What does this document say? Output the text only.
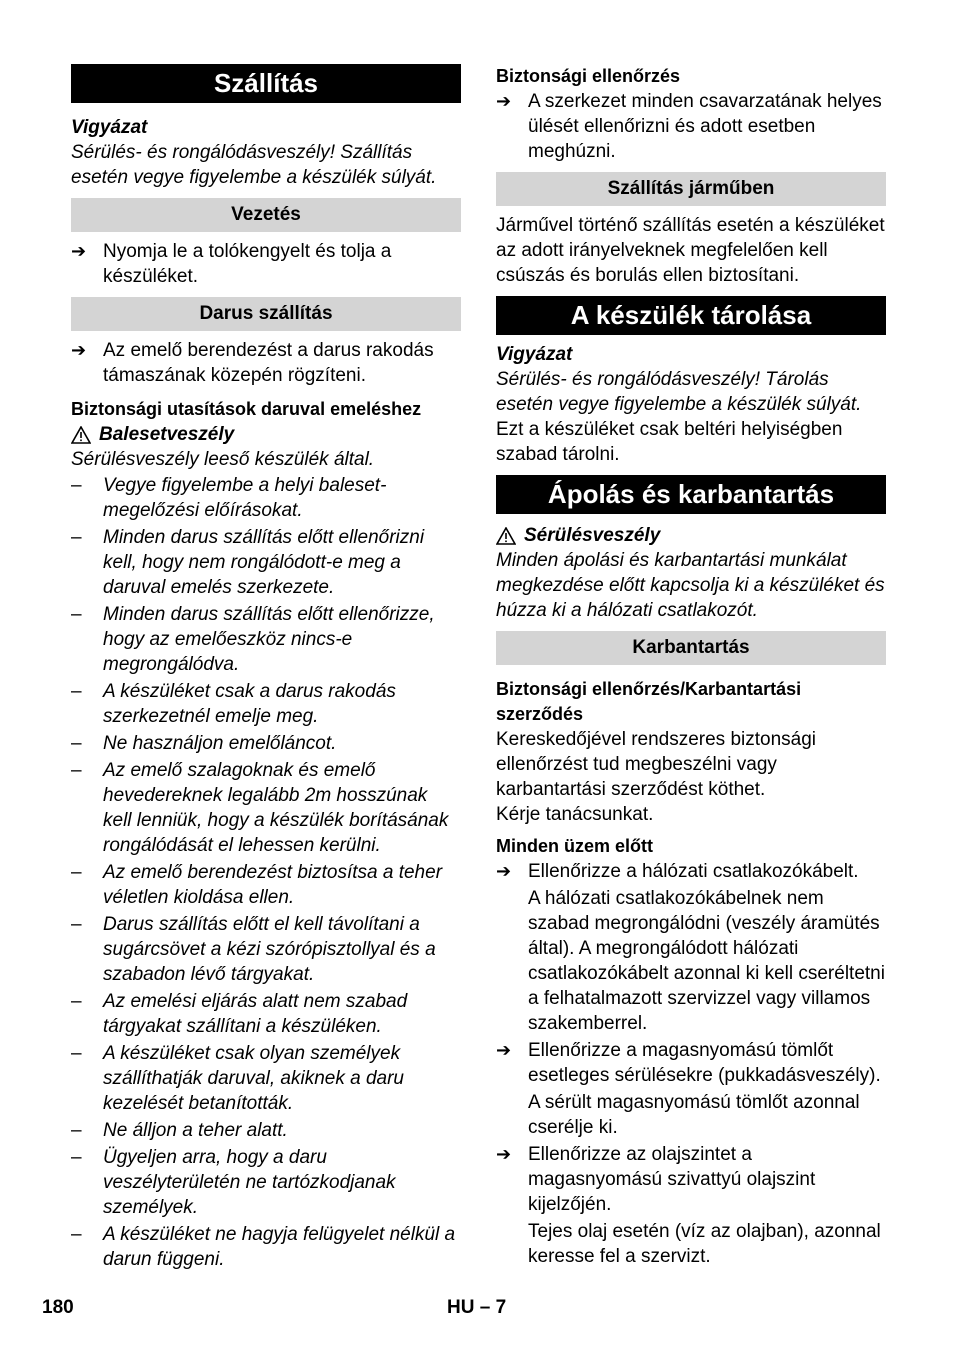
Szállítás

Vigyázat

Sérülés- és rongálódásveszély! Szállítás esetén vegye figyelembe a készülék súlyát.

Vezetés
➔ Nyomja le a tolókengyelt és tolja a készüléket.
Darus szállítás
➔ Az emelő berendezést a darus rakodás támaszának közepén rögzíteni.

Biztonsági utasítások daruval emeléshez

Balesetveszély

Sérülésveszély leeső készülék által.

–	Vegye figyelembe a helyi baleset-megelőzési előírásokat.
–	Minden darus szállítás előtt ellenőrizni kell, hogy nem rongálódott-e meg a daruval emelés szerkezete.
–	Minden darus szállítás előtt ellenőrizze, hogy az emelőeszköz nincs-e megrongálódva.
–	A készüléket csak a darus rakodás szerkezetnél emelje meg.
–	Ne használjon emelőláncot.
–	Az emelő szalagoknak és emelő hevedereknek legalább 2m hosszúnak kell lenniük, hogy a készülék borításának rongálódását el lehessen kerülni.
–	Az emelő berendezést biztosítsa a teher véletlen kioldása ellen.
–	Darus szállítás előtt el kell távolítani a sugárcsövet a kézi szórópisztollyal és a szabadon lévő tárgyakat.
–	Az emelési eljárás alatt nem szabad tárgyakat szállítani a készüléken.
–	A készüléket csak olyan személyek szállíthatják daruval, akiknek a daru kezelését betanították.
–	Ne álljon a teher alatt.
–	Ügyeljen arra, hogy a daru veszélyterületén ne tartózkodjanak személyek.
–	A készüléket ne hagyja felügyelet nélkül a darun függeni.

Biztonsági ellenőrzés

➔ A szerkezet minden csavarzatának helyes ülését ellenőrizni és adott esetben meghúzni.
Szállítás járműben

Járművel történő szállítás esetén a készüléket az adott irányelveknek megfelelően kell csúszás és borulás ellen biztosítani.

A készülék tárolása

Vigyázat

Sérülés- és rongálódásveszély! Tárolás esetén vegye figyelembe a készülék súlyát.

Ezt a készüléket csak beltéri helyiségben szabad tárolni.

Ápolás és karbantartás
Sérülésveszély

Minden ápolási és karbantartási munkálat megkezdése előtt kapcsolja ki a készüléket és húzza ki a hálózati csatlakozót.

Karbantartás

Biztonsági ellenőrzés/Karbantartási szerződés

Kereskedőjével rendszeres biztonsági ellenőrzést tud megbeszélni vagy karbantartási szerződést köthet.

Kérje tanácsunkat.

Minden üzem előtt

➔ Ellenőrizze a hálózati csatlakozókábelt.

A hálózati csatlakozókábelnek nem szabad megrongálódni (veszély áramütés által). A megrongálódott hálózati csatlakozókábelt azonnal ki kell cseréltetni a felhatalmazott szervizzel vagy villamos szakemberrel.

➔ Ellenőrizze a magasnyomású tömlőt esetleges sérülésekre (pukkadásveszély).

A sérült magasnyomású tömlőt azonnal cserélje ki.

➔ Ellenőrizze az olajszintet a magasnyomású szivattyú olajszint kijelzőjén.

Tejes olaj esetén (víz az olajban), azonnal keresse fel a szervizt.

180	HU – 7
